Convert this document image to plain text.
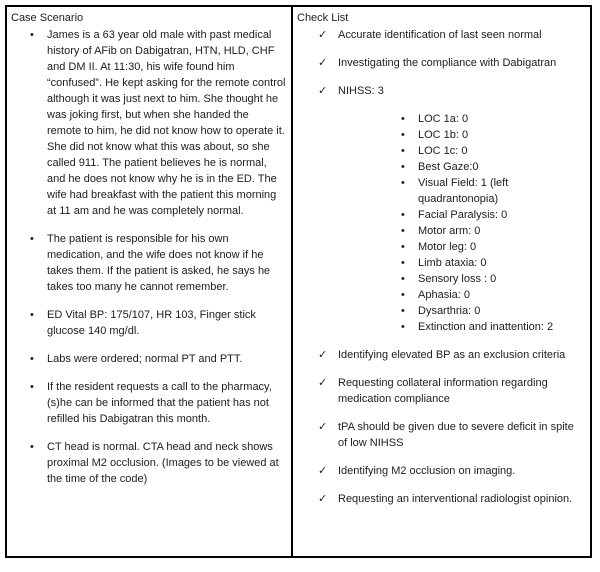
Case Scenario
•	James is a 63 year old male with past medical history of AFib on Dabigatran, HTN, HLD, CHF and DM II. At 11:30, his wife found him “confused”. He kept asking for the remote control although it was just next to him. She thought he was joking first, but when she handed the remote to him, he did not know how to operate it. She did not know what this was about, so she called 911. The patient believes he is normal, and he does not know why he is in the ED. The wife had breakfast with the patient this morning at 11 am and he was completely normal.
•	The patient is responsible for his own medication, and the wife does not know if he takes them. If the patient is asked, he says he takes too many he cannot remember.
•	ED Vital BP: 175/107, HR 103, Finger stick glucose 140 mg/dl.
•	Labs were ordered; normal PT and PTT.
•	If the resident requests a call to the pharmacy, (s)he can be informed that the patient has not refilled his Dabigatran this month.
•	CT head is normal. CTA head and neck shows proximal M2 occlusion. (Images to be viewed at the time of the code)
Check List
✓ Accurate identification of last seen normal
✓ Investigating the compliance with Dabigatran
✓ NIHSS: 3
•	LOC 1a: 0
•	LOC 1b: 0
•	LOC 1c: 0
•	Best Gaze:0
•	Visual Field: 1 (left quadrantonopia)
•	Facial Paralysis: 0
•	Motor arm: 0
•	Motor leg: 0
•	Limb ataxia: 0
•	Sensory loss : 0
•	Aphasia: 0
•	Dysarthria: 0
•	Extinction and inattention: 2
✓ Identifying elevated BP as an exclusion criteria
✓ Requesting collateral information regarding medication compliance
✓ tPA should be given due to severe deficit in spite of low NIHSS
✓ Identifying M2 occlusion on imaging.
✓ Requesting an interventional radiologist opinion.
